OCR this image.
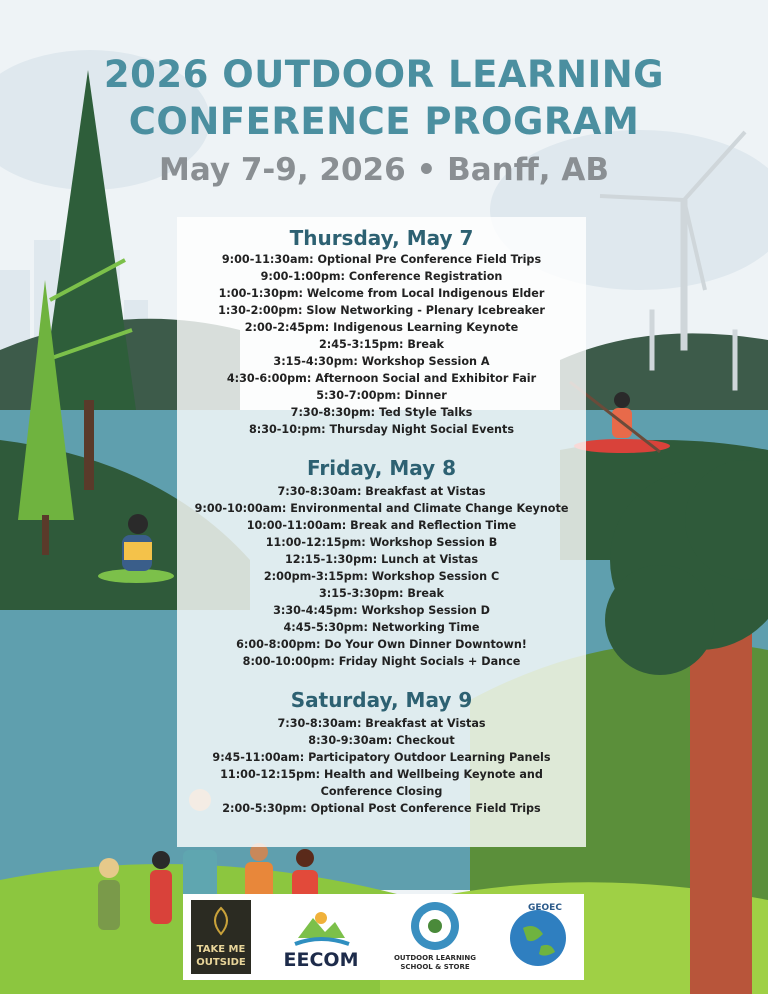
2026 OUTDOOR LEARNING
CONFERENCE PROGRAM
May 7-9, 2026 • Banff, AB
Thursday, May 7
9:00-11:30am: Optional Pre Conference Field Trips
9:00-1:00pm: Conference Registration
1:00-1:30pm: Welcome from Local Indigenous Elder
1:30-2:00pm: Slow Networking - Plenary Icebreaker
2:00-2:45pm: Indigenous Learning Keynote
2:45-3:15pm: Break
3:15-4:30pm: Workshop Session A
4:30-6:00pm: Afternoon Social and Exhibitor Fair
5:30-7:00pm: Dinner
7:30-8:30pm: Ted Style Talks
8:30-10:pm: Thursday Night Social Events
Friday, May 8
7:30-8:30am: Breakfast at Vistas
9:00-10:00am: Environmental and Climate Change Keynote
10:00-11:00am: Break and Reflection Time
11:00-12:15pm: Workshop Session B
12:15-1:30pm: Lunch at Vistas
2:00pm-3:15pm: Workshop Session C
3:15-3:30pm: Break
3:30-4:45pm: Workshop Session D
4:45-5:30pm: Networking Time
6:00-8:00pm: Do Your Own Dinner Downtown!
8:00-10:00pm: Friday Night Socials + Dance
Saturday, May 9
7:30-8:30am: Breakfast at Vistas
8:30-9:30am: Checkout
9:45-11:00am: Participatory Outdoor Learning Panels
11:00-12:15pm: Health and Wellbeing Keynote and Conference Closing
2:00-5:30pm: Optional Post Conference Field Trips
TAKE ME
OUTSIDE EECOM	OUTDOOR LEARNING
SCHOOL & STORE
GEOEC
